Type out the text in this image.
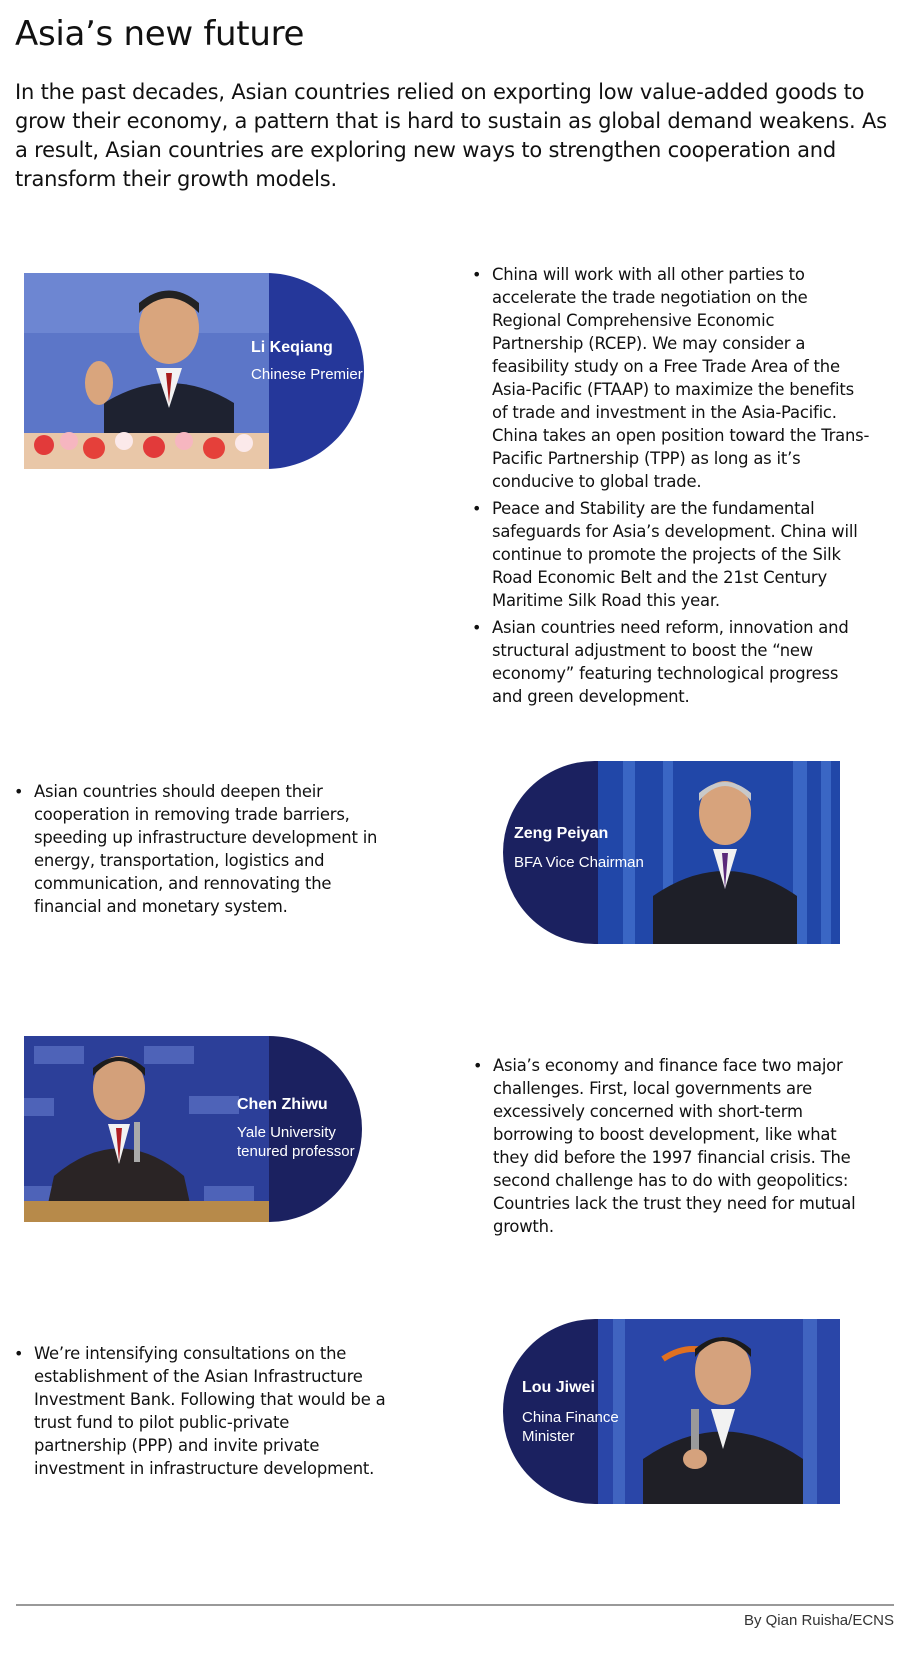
Asia’s new future

In the past decades, Asian countries relied on exporting low value-added goods to grow their economy, a pattern that is hard to sustain as global demand weakens. As a result, Asian countries are exploring new ways to strengthen cooperation and transform their growth models.

Li Keqiang
Chinese Premier
• China will work with all other parties to accelerate the trade negotiation on the Regional Comprehensive Economic Partnership (RCEP). We may consider a feasibility study on a Free Trade Area of the Asia-Pacific (FTAAP) to maximize the benefits of trade and investment in the Asia-Pacific. China takes an open position toward the Trans-Pacific Partnership (TPP) as long as it’s conducive to global trade.
• Peace and Stability are the fundamental safeguards for Asia’s development. China will continue to promote the projects of the Silk Road Economic Belt and the 21st Century Maritime Silk Road this year.
• Asian countries need reform, innovation and structural adjustment to boost the “new economy” featuring technological progress and green development.
• Asian countries should deepen their cooperation in removing trade barriers, speeding up infrastructure development in energy, transportation, logistics and communication, and rennovating the financial and monetary system.
Zeng Peiyan
BFA Vice Chairman
Chen Zhiwu
Yale University
tenured professor
• Asia’s economy and finance face two major challenges. First, local governments are excessively concerned with short-term borrowing to boost development, like what they did before the 1997 financial crisis. The second challenge has to do with geopolitics: Countries lack the trust they need for mutual growth.
• We’re intensifying consultations on the establishment of the Asian Infrastructure Investment Bank. Following that would be a trust fund to pilot public-private partnership (PPP) and invite private investment in infrastructure development.
Lou Jiwei
China Finance
Minister
By Qian Ruisha/ECNS
